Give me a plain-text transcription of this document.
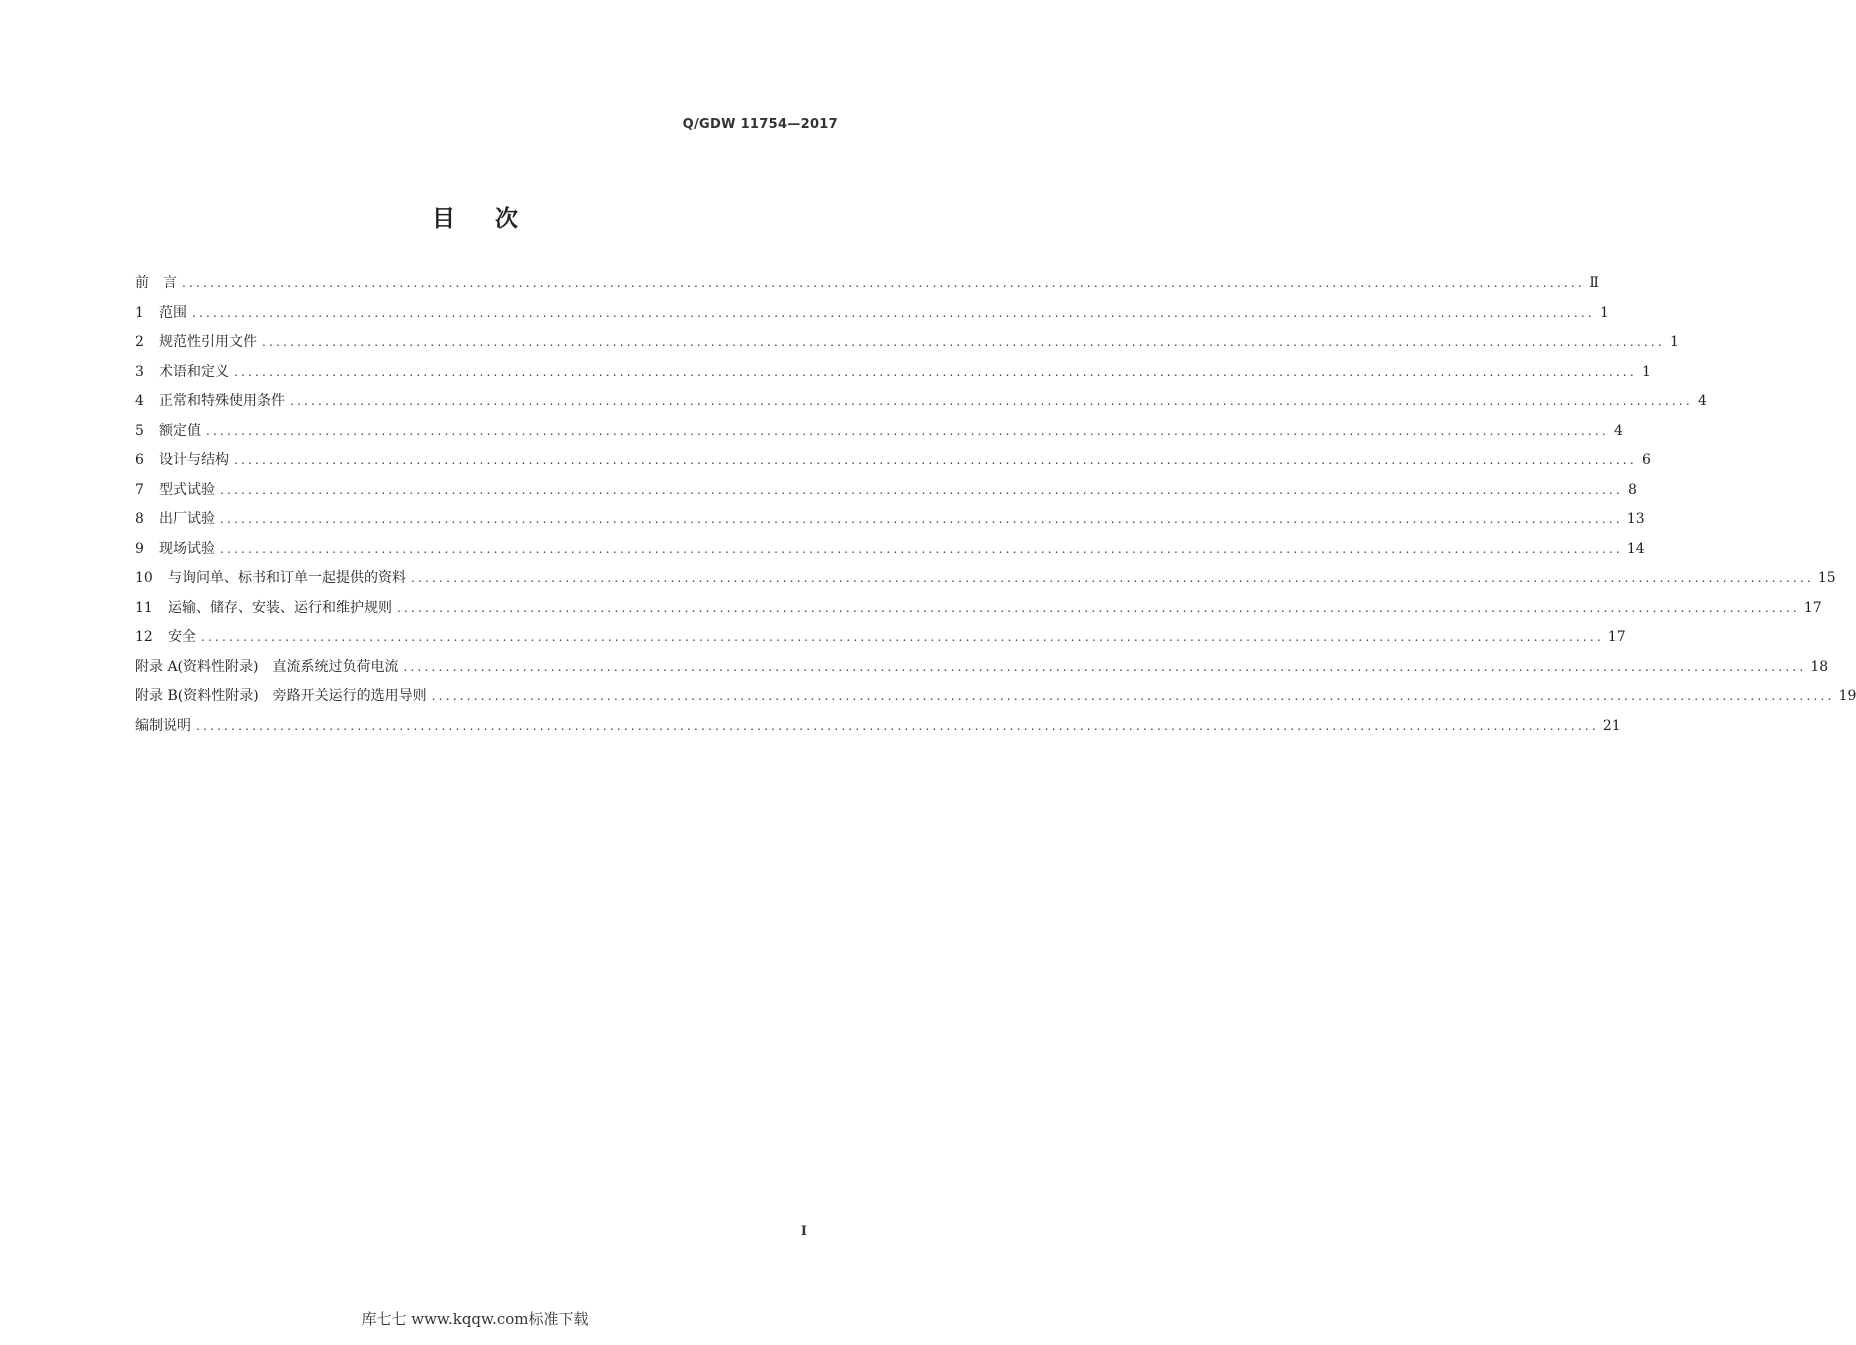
Q/GDW 11754—2017
目次
前　言 ........................................................................................................................................................................................................ Ⅱ
1	范围 ........................................................................................................................................................................................................ 1
2	规范性引用文件 ........................................................................................................................................................................................................ 1
3	术语和定义 ........................................................................................................................................................................................................ 1
4	正常和特殊使用条件 ........................................................................................................................................................................................................ 4
5	额定值 ........................................................................................................................................................................................................ 4
6	设计与结构 ........................................................................................................................................................................................................ 6
7	型式试验 ........................................................................................................................................................................................................ 8
8	出厂试验 ........................................................................................................................................................................................................ 13
9	现场试验 ........................................................................................................................................................................................................ 14
10	与询问单、标书和订单一起提供的资料 ........................................................................................................................................................................................................ 15
11	运输、储存、安装、运行和维护规则 ........................................................................................................................................................................................................ 17
12	安全 ........................................................................................................................................................................................................ 17
附录 A(资料性附录)　直流系统过负荷电流 ........................................................................................................................................................................................................ 18
附录 B(资料性附录)　旁路开关运行的选用导则 ........................................................................................................................................................................................................ 19
编制说明 ........................................................................................................................................................................................................ 21
I
库七七 www.kqqw.com标准下载
